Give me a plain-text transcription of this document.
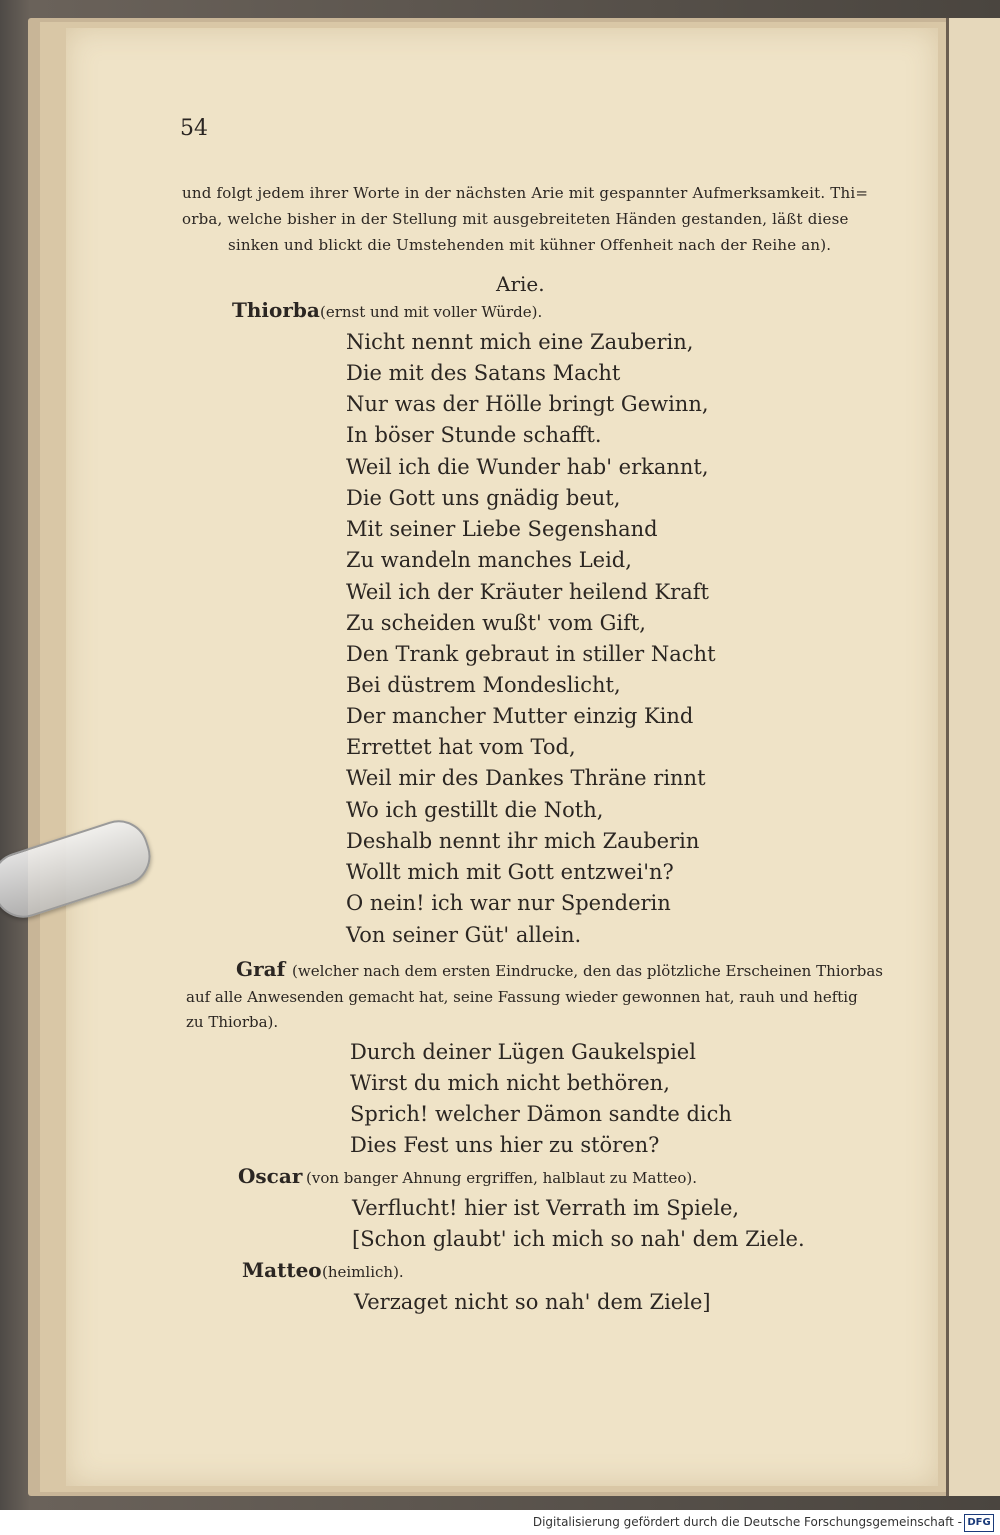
54
und folgt jedem ihrer Worte in der nächsten Arie mit gespannter Aufmerksamkeit. Thi=
orba, welche bisher in der Stellung mit ausgebreiteten Händen gestanden, läßt diese
sinken und blickt die Umstehenden mit kühner Offenheit nach der Reihe an).
Arie.
Thiorba (ernst und mit voller Würde).
Nicht nennt mich eine Zauberin,
Die mit des Satans Macht
Nur was der Hölle bringt Gewinn,
In böser Stunde schafft.
Weil ich die Wunder hab' erkannt,
Die Gott uns gnädig beut,
Mit seiner Liebe Segenshand
Zu wandeln manches Leid,
Weil ich der Kräuter heilend Kraft
Zu scheiden wußt' vom Gift,
Den Trank gebraut in stiller Nacht
Bei düstrem Mondeslicht,
Der mancher Mutter einzig Kind
Errettet hat vom Tod,
Weil mir des Dankes Thräne rinnt
Wo ich gestillt die Noth,
Deshalb nennt ihr mich Zauberin
Wollt mich mit Gott entzwei'n?
O nein! ich war nur Spenderin
Von seiner Güt' allein.
Graf (welcher nach dem ersten Eindrucke, den das plötzliche Erscheinen Thiorbas
auf alle Anwesenden gemacht hat, seine Fassung wieder gewonnen hat, rauh und heftig
zu Thiorba).
Durch deiner Lügen Gaukelspiel
Wirst du mich nicht bethören,
Sprich! welcher Dämon sandte dich
Dies Fest uns hier zu stören?
Oscar (von banger Ahnung ergriffen, halblaut zu Matteo).
Verflucht! hier ist Verrath im Spiele,
[Schon glaubt' ich mich so nah' dem Ziele.
Matteo (heimlich).
Verzaget nicht so nah' dem Ziele]
Digitalisierung gefördert durch die Deutsche Forschungsgemeinschaft - DFG
